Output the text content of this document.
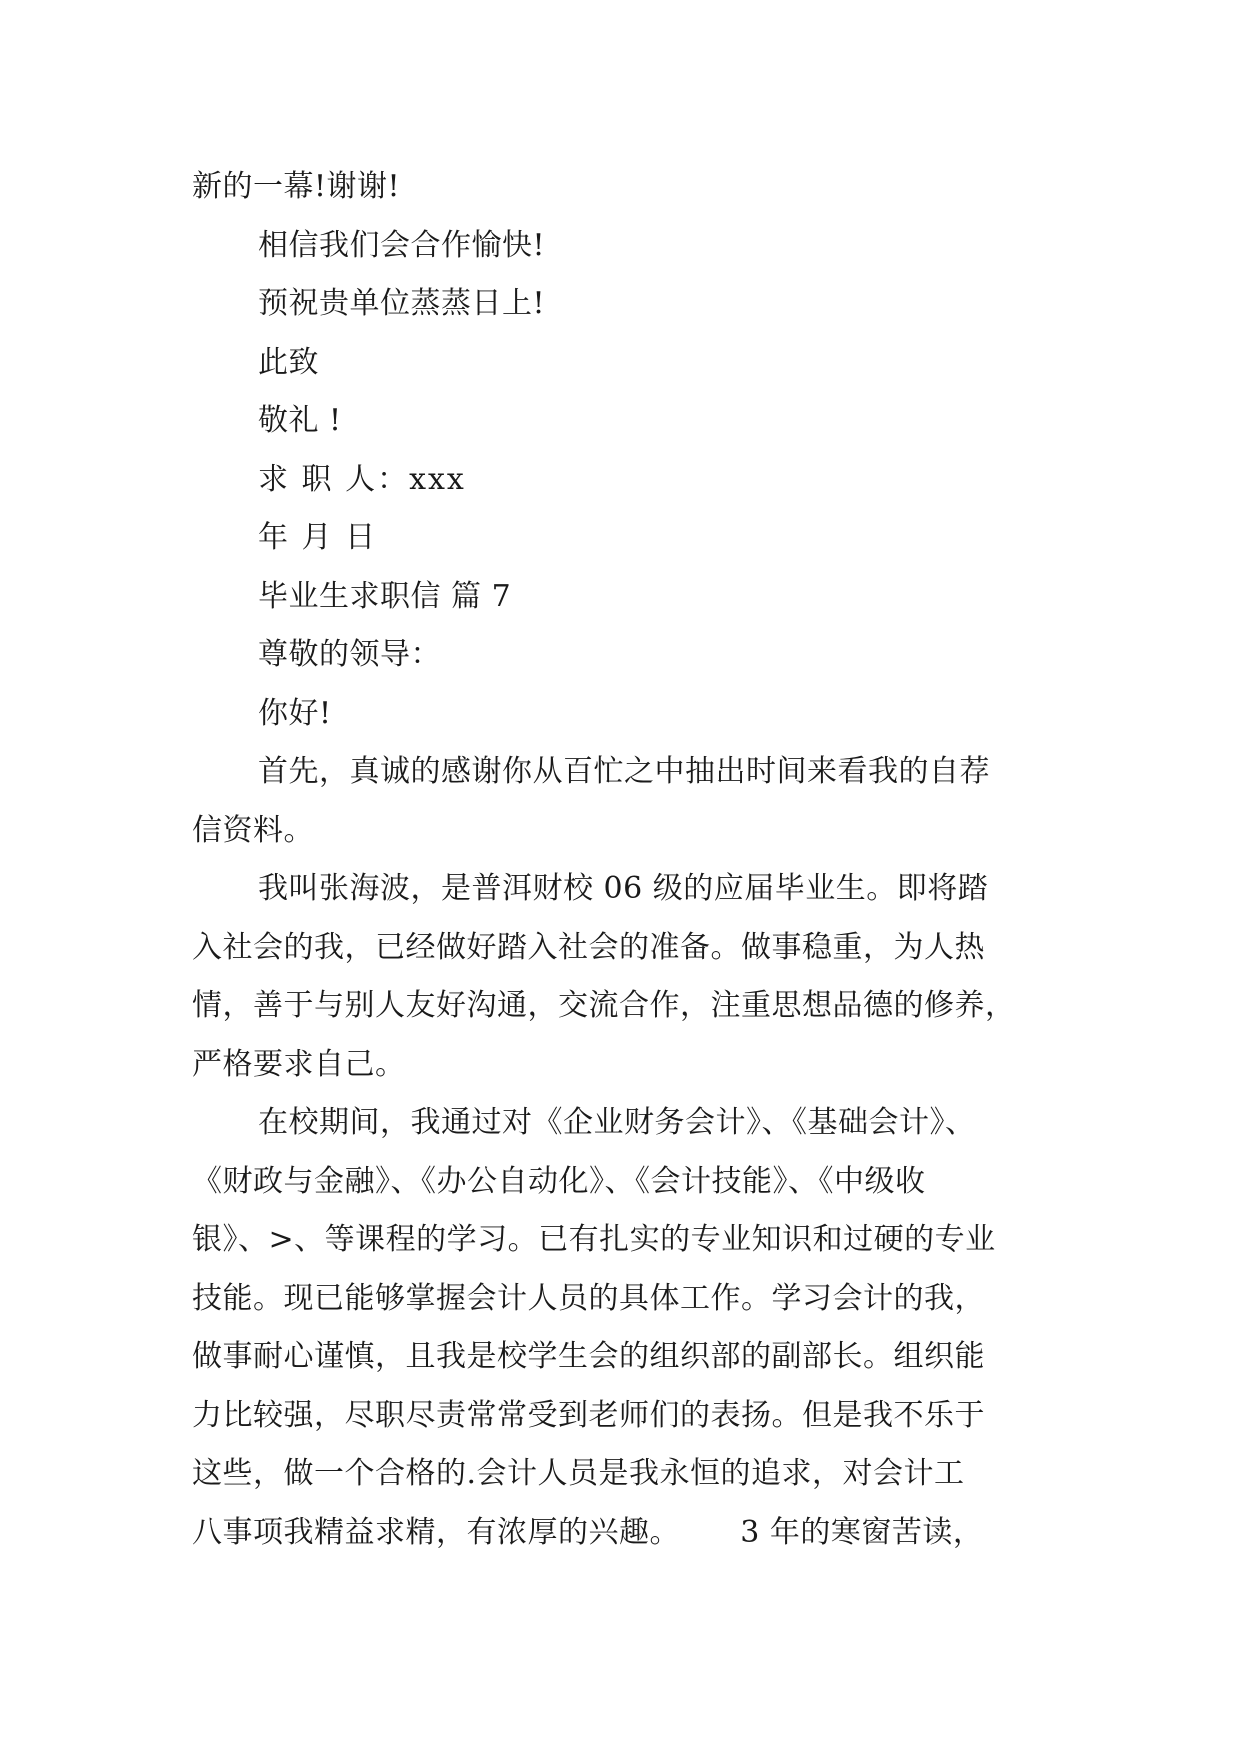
新的一幕!谢谢!
相信我们会合作愉快!
预祝贵单位蒸蒸日上!
此致
敬礼 !
求 职 人：xxx
年 月 日
毕业生求职信 篇 7
尊敬的领导：
你好!
首先，真诚的感谢你从百忙之中抽出时间来看我的自荐
信资料。
我叫张海波，是普洱财校 06 级的应届毕业生。即将踏
入社会的我，已经做好踏入社会的准备。做事稳重，为人热
情，善于与别人友好沟通，交流合作，注重思想品德的修养，
严格要求自己。
在校期间，我通过对《企业财务会计》、《基础会计》、
《财政与金融》、《办公自动化》、《会计技能》、《中级收
银》、>、等课程的学习。已有扎实的专业知识和过硬的专业
技能。现已能够掌握会计人员的具体工作。学习会计的我，
做事耐心谨慎，且我是校学生会的组织部的副部长。组织能
力比较强，尽职尽责常常受到老师们的表扬。但是我不乐于
这些，做一个合格的.会计人员是我永恒的追求，对会计工
八事项我精益求精，有浓厚的兴趣。      3 年的寒窗苦读，
